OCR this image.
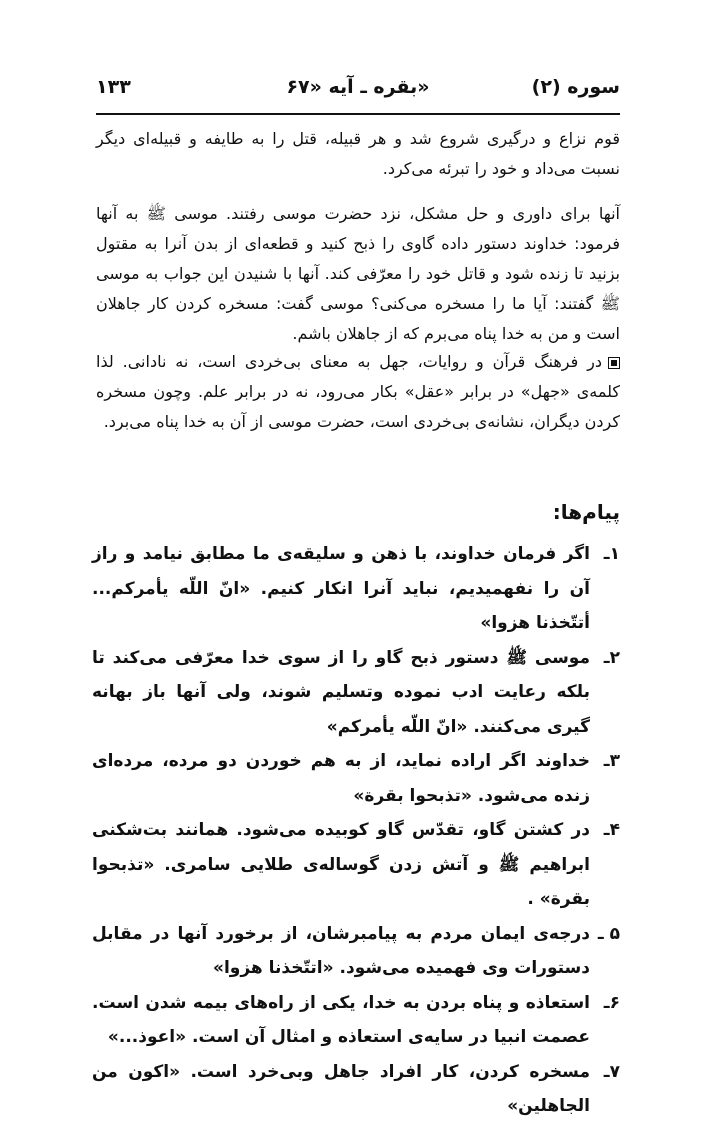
۱۳۳	بقره ـ آیه «۶۷»	سوره (۲)

قوم نزاع و درگیری شروع شد و هر قبیله، قتل را به طایفه و قبیله‌ای دیگر نسبت می‌داد و خود را تبرئه می‌کرد.

آنها برای داوری و حل مشکل، نزد حضرت موسی رفتند. موسی ﷺ به آنها فرمود: خداوند دستور داده گاوی را ذبح کنید و قطعه‌ای از بدن آنرا به مقتول بزنید تا زنده شود و قاتل خود را معرّفی کند. آنها با شنیدن این جواب به موسی ﷺ گفتند: آیا ما را مسخره می‌کنی؟ موسی گفت: مسخره کردن کار جاهلان است و من به خدا پناه می‌برم که از جاهلان باشم.

در فرهنگ قرآن و روایات، جهل به معنای بی‌خردی است، نه نادانی. لذا کلمه‌ی «جهل» در برابر «عقل» بکار می‌رود، نه در برابر علم. وچون مسخره کردن دیگران، نشانه‌ی بی‌خردی است، حضرت موسی از آن به خدا پناه می‌برد.
پیام‌ها:
۱ـاگر فرمان خداوند، با ذهن و سلیقه‌ی ما مطابق نیامد و راز آن را نفهمیدیم، نباید آنرا انکار کنیم. «انّ اللّه یأمرکم... أتتّخذنا هزوا»
۲ـموسی ﷺ دستور ذبح گاو را از سوی خدا معرّفی می‌کند تا بلکه رعایت ادب نموده وتسلیم شوند، ولی آنها باز بهانه گیری می‌کنند. «انّ اللّه یأمرکم»
۳ـخداوند اگر اراده نماید، از به هم خوردن دو مرده، مرده‌ای زنده می‌شود. «تذبحوا بقرة»
۴ـدر کشتن گاو، تقدّس گاو کوبیده می‌شود. همانند بت‌شکنی ابراهیم ﷺ و آتش زدن گوساله‌ی طلایی سامری. «تذبحوا بقرة» .
۵ ـدرجه‌ی ایمان مردم به پیامبرشان، از برخورد آنها در مقابل دستورات وی فهمیده می‌شود. «اتتّخذنا هزوا»
۶ـاستعاذه و پناه بردن به خدا، یکی از راه‌های بیمه شدن است. عصمت انبیا در سایه‌ی استعاذه و امثال آن است. «اعوذ...»
۷ـمسخره کردن، کار افراد جاهل وبی‌خرد است. «اکون من الجاهلین»
